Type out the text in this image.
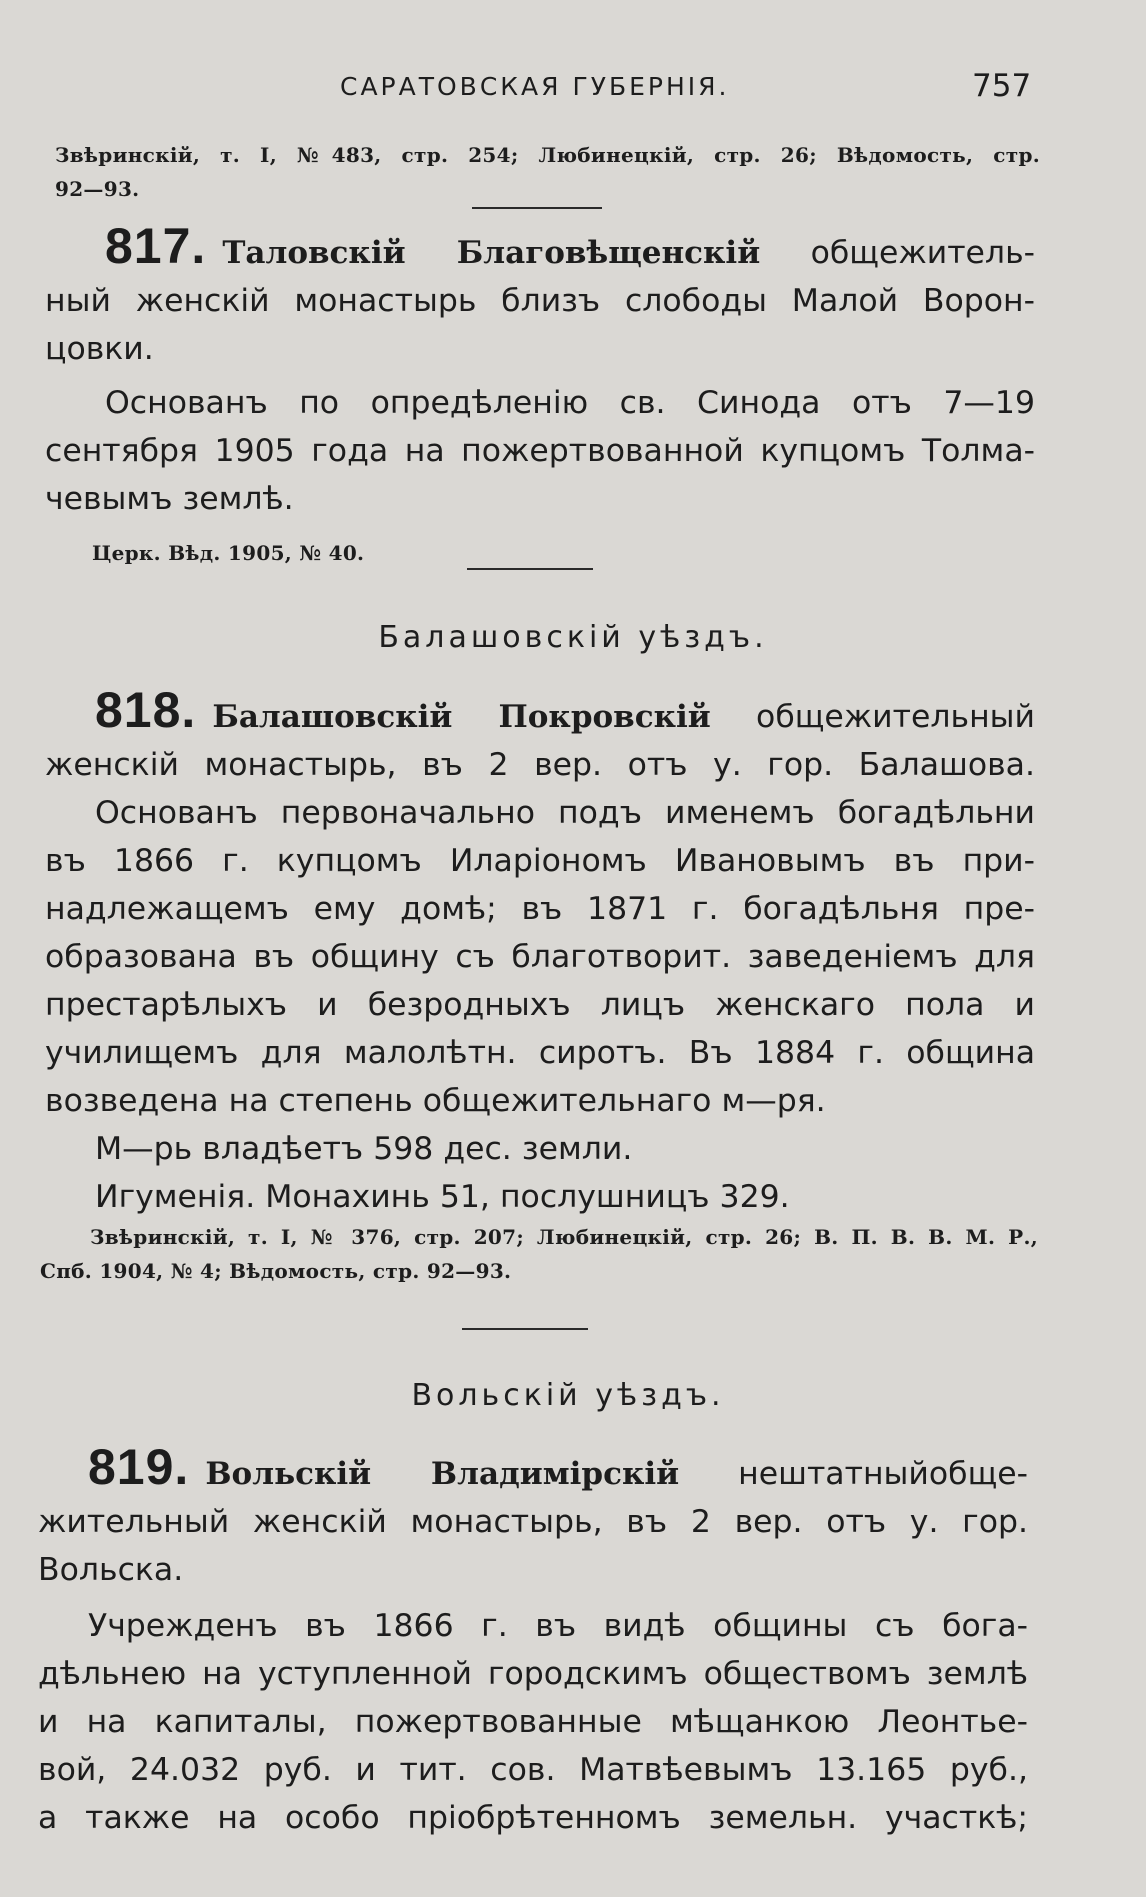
САРАТОВСКАЯ ГУБЕРНІЯ.	757
Звѣринскій, т. I, №483, стр. 254; Любинецкій, стр. 26; Вѣдомость, стр.
92—93.
817. Таловскій Благовѣщенскій общежитель-
ный женскій монастырь близъ слободы Малой Ворон-
цовки.
Основанъ по опредѣленію св. Синода отъ 7—19
сентября 1905 года на пожертвованной купцомъ Толма-
чевымъ землѣ.
Церк. Вѣд. 1905, № 40.
Балашовскій уѣздъ.
818. Балашовскій Покровскій общежительный
женскій монастырь, въ 2 вер. отъ у. гор. Балашова.
Основанъ первоначально подъ именемъ богадѣльни
въ 1866 г. купцомъ Иларіономъ Ивановымъ въ при-
надлежащемъ ему домѣ; въ 1871 г. богадѣльня пре-
образована въ общину съ благотворит. заведеніемъ для
престарѣлыхъ и безродныхъ лицъ женскаго пола и
училищемъ для малолѣтн. сиротъ. Въ 1884 г. община
возведена на степень общежительнаго м—ря.
М—рь владѣетъ 598 дес. земли.
Игуменія. Монахинь 51, послушницъ 329.
Звѣринскій, т. I, № 376, стр. 207; Любинецкій, стр. 26; В. П. В. В. М. Р.,
Спб. 1904, № 4; Вѣдомость, стр. 92—93.
Вольскій уѣздъ.
819. Вольскій Владимірскій нештатныйобще-
жительный женскій монастырь, въ 2 вер. отъ у. гор.
Вольска.
Учрежденъ въ 1866 г. въ видѣ общины съ бога-
дѣльнею на уступленной городскимъ обществомъ землѣ
и на капиталы, пожертвованные мѣщанкою Леонтье-
вой, 24.032 руб. и тит. сов. Матвѣевымъ 13.165 руб.,
а также на особо пріобрѣтенномъ земельн. участкѣ;
